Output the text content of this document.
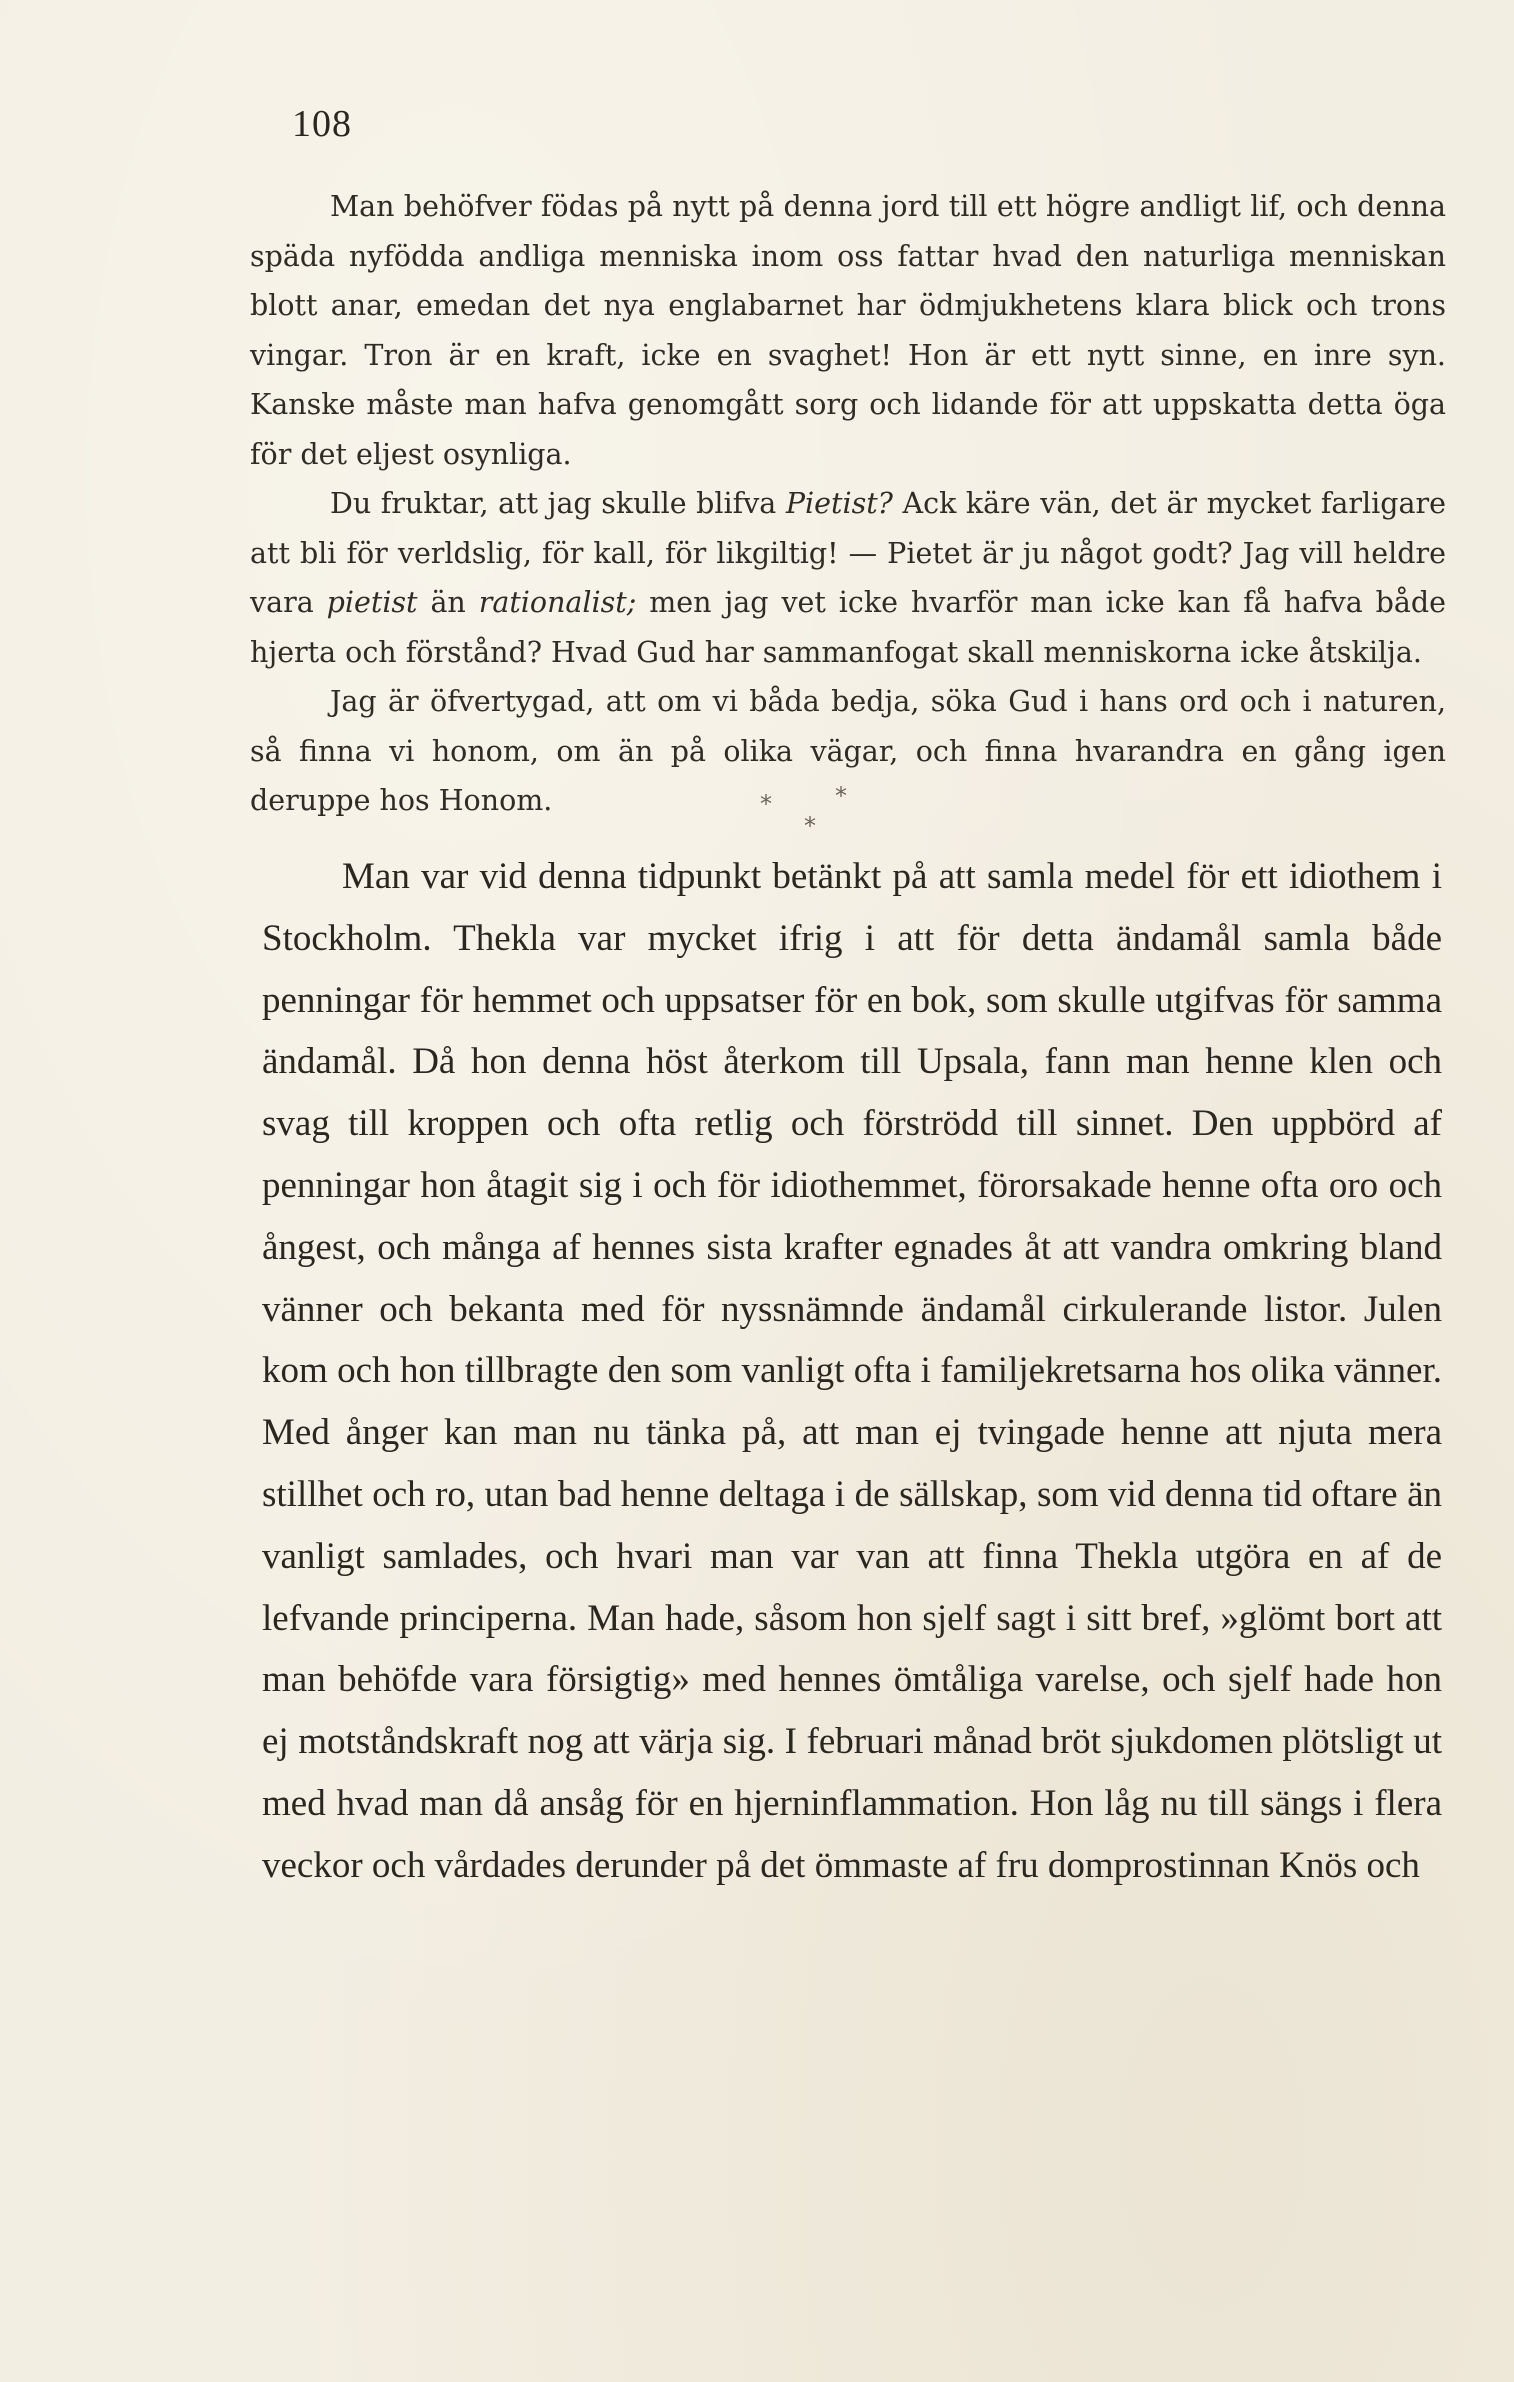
108

Man behöfver födas på nytt på denna jord till ett högre andligt lif, och denna späda nyfödda andliga menniska inom oss fattar hvad den naturliga menniskan blott anar, emedan det nya englabarnet har ödmjukhetens klara blick och trons vingar. Tron är en kraft, icke en svaghet! Hon är ett nytt sinne, en inre syn. Kanske måste man hafva genomgått sorg och lidande för att uppskatta detta öga för det eljest osynliga.

Du fruktar, att jag skulle blifva Pietist? Ack käre vän, det är mycket farligare att bli för verldslig, för kall, för likgiltig! — Pietet är ju något godt? Jag vill heldre vara pietist än rationalist; men jag vet icke hvarför man icke kan få hafva både hjerta och förstånd? Hvad Gud har sammanfogat skall menniskorna icke åtskilja.

Jag är öfvertygad, att om vi båda bedja, söka Gud i hans ord och i naturen, så finna vi honom, om än på olika vägar, och finna hvarandra en gång igen deruppe hos Honom.	*	*
*

Man var vid denna tidpunkt betänkt på att samla medel för ett idiothem i Stockholm. Thekla var mycket ifrig i att för detta ändamål samla både penningar för hemmet och uppsatser för en bok, som skulle utgifvas för samma ändamål. Då hon denna höst återkom till Upsala, fann man henne klen och svag till kroppen och ofta retlig och förströdd till sinnet. Den uppbörd af penningar hon åtagit sig i och för idiothemmet, förorsakade henne ofta oro och ångest, och många af hennes sista krafter egnades åt att vandra omkring bland vänner och bekanta med för nyssnämnde ändamål cirkulerande listor. Julen kom och hon tillbragte den som vanligt ofta i familjekretsarna hos olika vänner. Med ånger kan man nu tänka på, att man ej tvingade henne att njuta mera stillhet och ro, utan bad henne deltaga i de sällskap, som vid denna tid oftare än vanligt samlades, och hvari man var van att finna Thekla utgöra en af de lefvande principerna. Man hade, såsom hon sjelf sagt i sitt bref, »glömt bort att man behöfde vara försigtig» med hennes ömtåliga varelse, och sjelf hade hon ej motståndskraft nog att värja sig. I februari månad bröt sjukdomen plötsligt ut med hvad man då ansåg för en hjerninflammation. Hon låg nu till sängs i flera veckor och vårdades derunder på det ömmaste af fru domprostinnan Knös och
